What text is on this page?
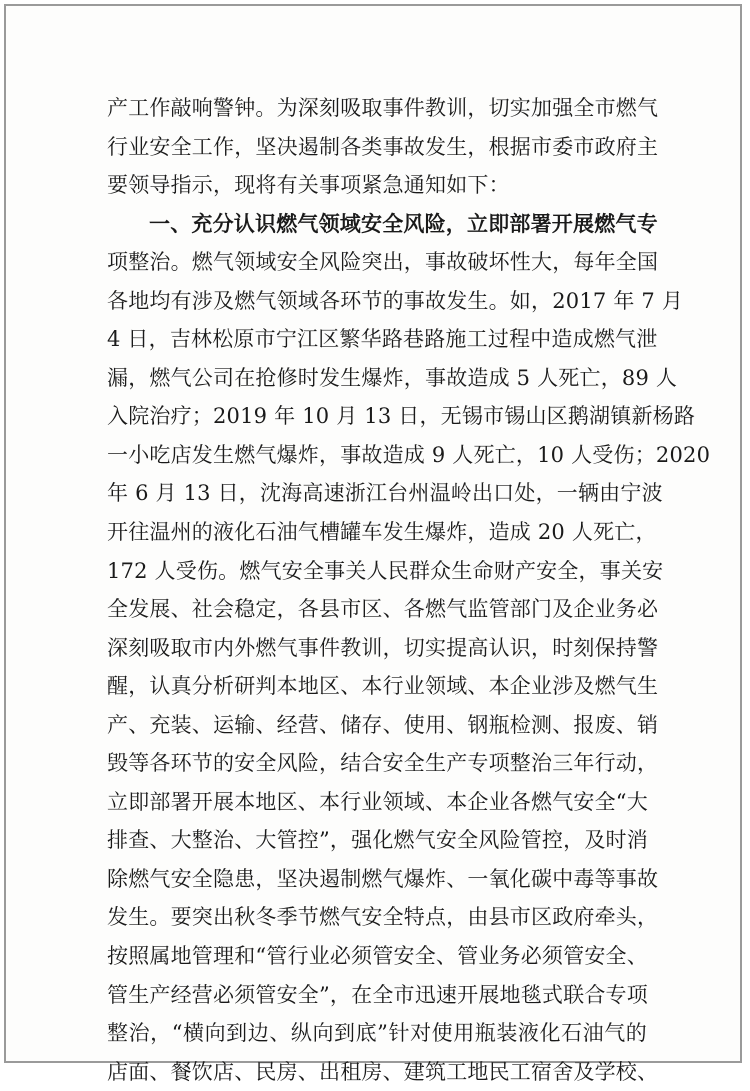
产工作敲响警钟。为深刻吸取事件教训，切实加强全市燃气
行业安全工作，坚决遏制各类事故发生，根据市委市政府主
要领导指示，现将有关事项紧急通知如下：
一、充分认识燃气领域安全风险，立即部署开展燃气专
项整治。燃气领域安全风险突出，事故破坏性大，每年全国
各地均有涉及燃气领域各环节的事故发生。如，2017 年 7 月
4 日，吉林松原市宁江区繁华路巷路施工过程中造成燃气泄
漏，燃气公司在抢修时发生爆炸，事故造成 5 人死亡，89 人
入院治疗；2019 年 10 月 13 日，无锡市锡山区鹅湖镇新杨路
一小吃店发生燃气爆炸，事故造成 9 人死亡，10 人受伤；2020
年 6 月 13 日，沈海高速浙江台州温岭出口处，一辆由宁波
开往温州的液化石油气槽罐车发生爆炸，造成 20 人死亡，
172 人受伤。燃气安全事关人民群众生命财产安全，事关安
全发展、社会稳定，各县市区、各燃气监管部门及企业务必
深刻吸取市内外燃气事件教训，切实提高认识，时刻保持警
醒，认真分析研判本地区、本行业领域、本企业涉及燃气生
产、充装、运输、经营、储存、使用、钢瓶检测、报废、销
毁等各环节的安全风险，结合安全生产专项整治三年行动，
立即部署开展本地区、本行业领域、本企业各燃气安全“大
排查、大整治、大管控”，强化燃气安全风险管控，及时消
除燃气安全隐患，坚决遏制燃气爆炸、一氧化碳中毒等事故
发生。要突出秋冬季节燃气安全特点，由县市区政府牵头，
按照属地管理和“管行业必须管安全、管业务必须管安全、
管生产经营必须管安全”，在全市迅速开展地毯式联合专项
整治，“横向到边、纵向到底”针对使用瓶装液化石油气的
店面、餐饮店、民房、出租房、建筑工地民工宿舍及学校、
